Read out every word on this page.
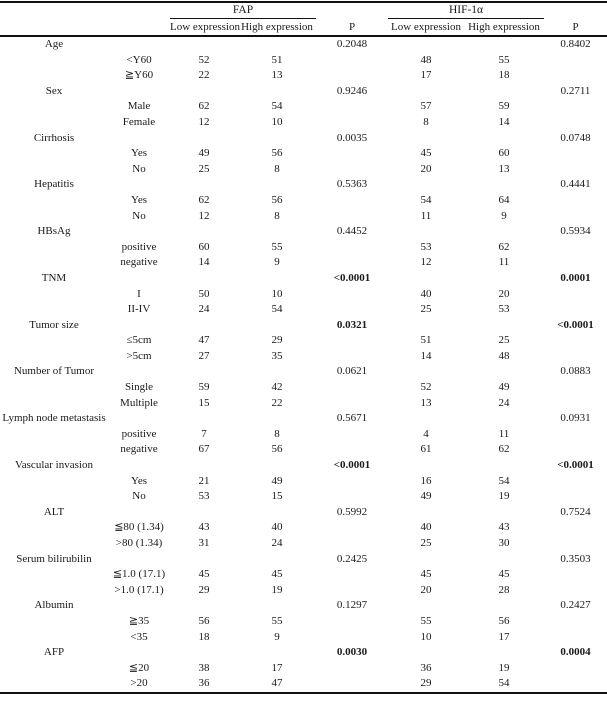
		FAP			HIF-1α		
		Low expression	High expression	P	Low expression	High expression	P
Age				0.2048			0.8402
	<Y60	52	51		48	55	
	≧Y60	22	13		17	18	
Sex				0.9246			0.2711
	Male	62	54		57	59	
	Female	12	10		8	14	
Cirrhosis				0.0035			0.0748
	Yes	49	56		45	60	
	No	25	8		20	13	
Hepatitis				0.5363			0.4441
	Yes	62	56		54	64	
	No	12	8		11	9	
HBsAg				0.4452			0.5934
	positive	60	55		53	62	
	negative	14	9		12	11	
TNM				<0.0001			0.0001
	I	50	10		40	20	
	II-IV	24	54		25	53	
Tumor size				0.0321			<0.0001
	≤5cm	47	29		51	25	
	>5cm	27	35		14	48	
Number of Tumor				0.0621			0.0883
	Single	59	42		52	49	
	Multiple	15	22		13	24	
Lymph node metastasis				0.5671			0.0931
	positive	7	8		4	11	
	negative	67	56		61	62	
Vascular invasion				<0.0001			<0.0001
	Yes	21	49		16	54	
	No	53	15		49	19	
ALT				0.5992			0.7524
	≦80 (1.34)	43	40		40	43	
	>80 (1.34)	31	24		25	30	
Serum bilirubilin				0.2425			0.3503
	≦1.0 (17.1)	45	45		45	45	
	>1.0 (17.1)	29	19		20	28	
Albumin				0.1297			0.2427
	≧35	56	55		55	56	
	<35	18	9		10	17	
AFP				0.0030			0.0004
	≦20	38	17		36	19	
	>20	36	47		29	54	
